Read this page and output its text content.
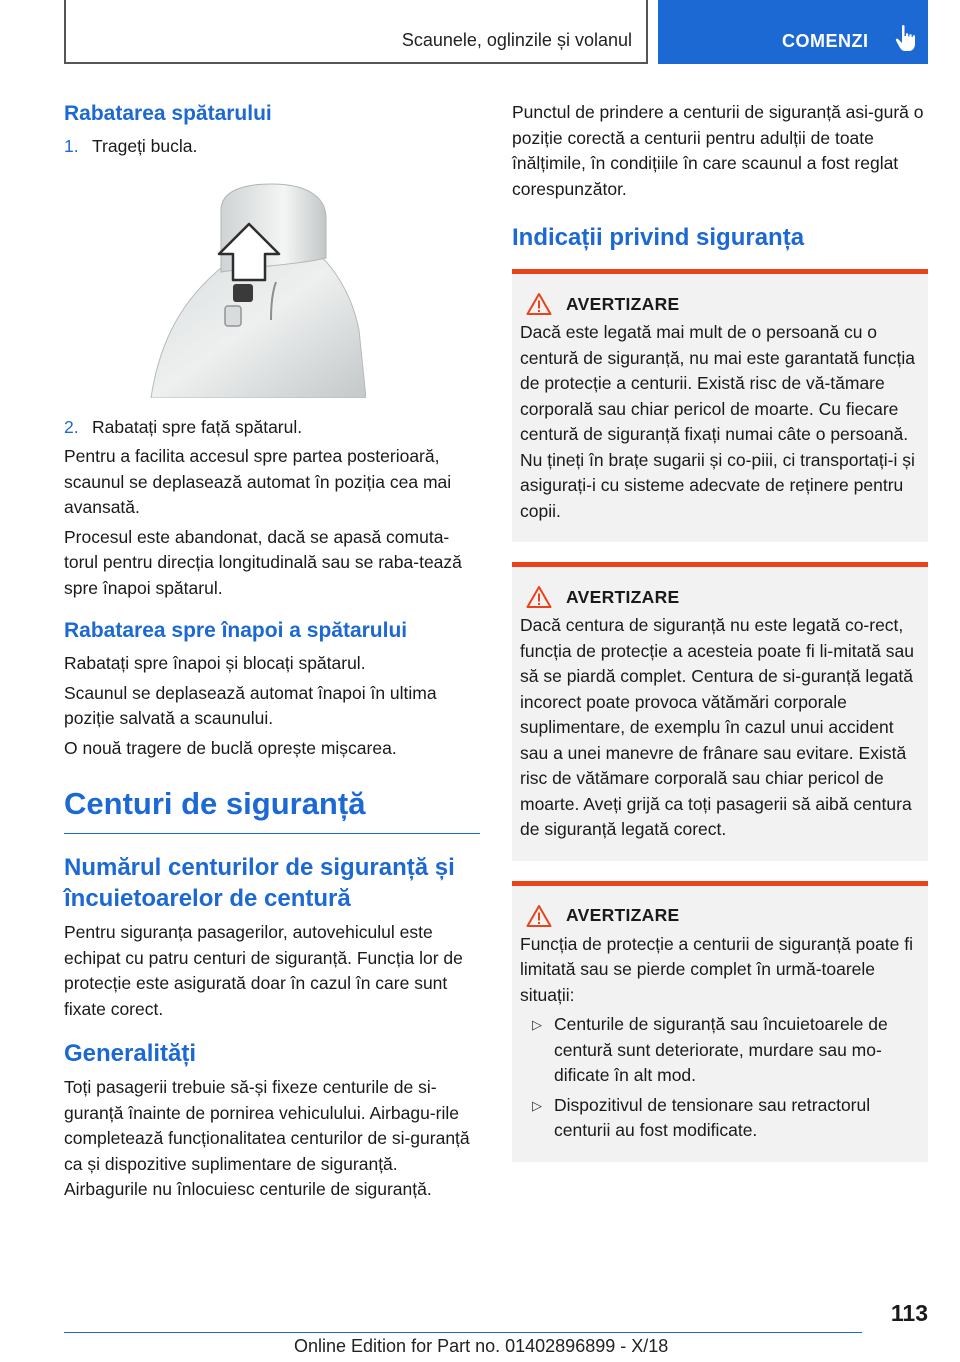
Scaunele, oglinzile și volanul	COMENZI
Rabatarea spătarului
1. Trageți bucla.
2. Rabatați spre față spătarul.

Pentru a facilita accesul spre partea posterioară, scaunul se deplasează automat în poziția cea mai avansată.

Procesul este abandonat, dacă se apasă comuta-torul pentru direcția longitudinală sau se raba-tează spre înapoi spătarul.

Rabatarea spre înapoi a spătarului

Rabatați spre înapoi și blocați spătarul.

Scaunul se deplasează automat înapoi în ultima poziție salvată a scaunului.

O nouă tragere de buclă oprește mișcarea.

Centuri de siguranță
Numărul centurilor de siguranță și încuietoarelor de centură

Pentru siguranța pasagerilor, autovehiculul este echipat cu patru centuri de siguranță. Funcția lor de protecție este asigurată doar în cazul în care sunt fixate corect.

Generalități

Toți pasagerii trebuie să-și fixeze centurile de si-guranță înainte de pornirea vehiculului. Airbagu-rile completează funcționalitatea centurilor de si-guranță ca și dispozitive suplimentare de siguranță. Airbagurile nu înlocuiesc centurile de siguranță.

Punctul de prindere a centurii de siguranță asi-gură o poziție corectă a centurii pentru adulții de toate înălțimile, în condițiile în care scaunul a fost reglat corespunzător.

Indicații privind siguranța
AVERTIZARE

Dacă este legată mai mult de o persoană cu o centură de siguranță, nu mai este garantată funcția de protecție a centurii. Există risc de vă-tămare corporală sau chiar pericol de moarte. Cu fiecare centură de siguranță fixați numai câte o persoană. Nu țineți în brațe sugarii și co-piii, ci transportați-i și asigurați-i cu sisteme adecvate de reținere pentru copii.

AVERTIZARE

Dacă centura de siguranță nu este legată co-rect, funcția de protecție a acesteia poate fi li-mitată sau să se piardă complet. Centura de si-guranță legată incorect poate provoca vătămări corporale suplimentare, de exemplu în cazul unui accident sau a unei manevre de frânare sau evitare. Există risc de vătămare corporală sau chiar pericol de moarte. Aveți grijă ca toți pasagerii să aibă centura de siguranță legată corect.

AVERTIZARE

Funcția de protecție a centurii de siguranță poate fi limitată sau se pierde complet în urmă-toarele situații:

▷ Centurile de siguranță sau încuietoarele de centură sunt deteriorate, murdare sau mo-dificate în alt mod.
▷ Dispozitivul de tensionare sau retractorul centurii au fost modificate.
113
Online Edition for Part no. 01402896899 - X/18
